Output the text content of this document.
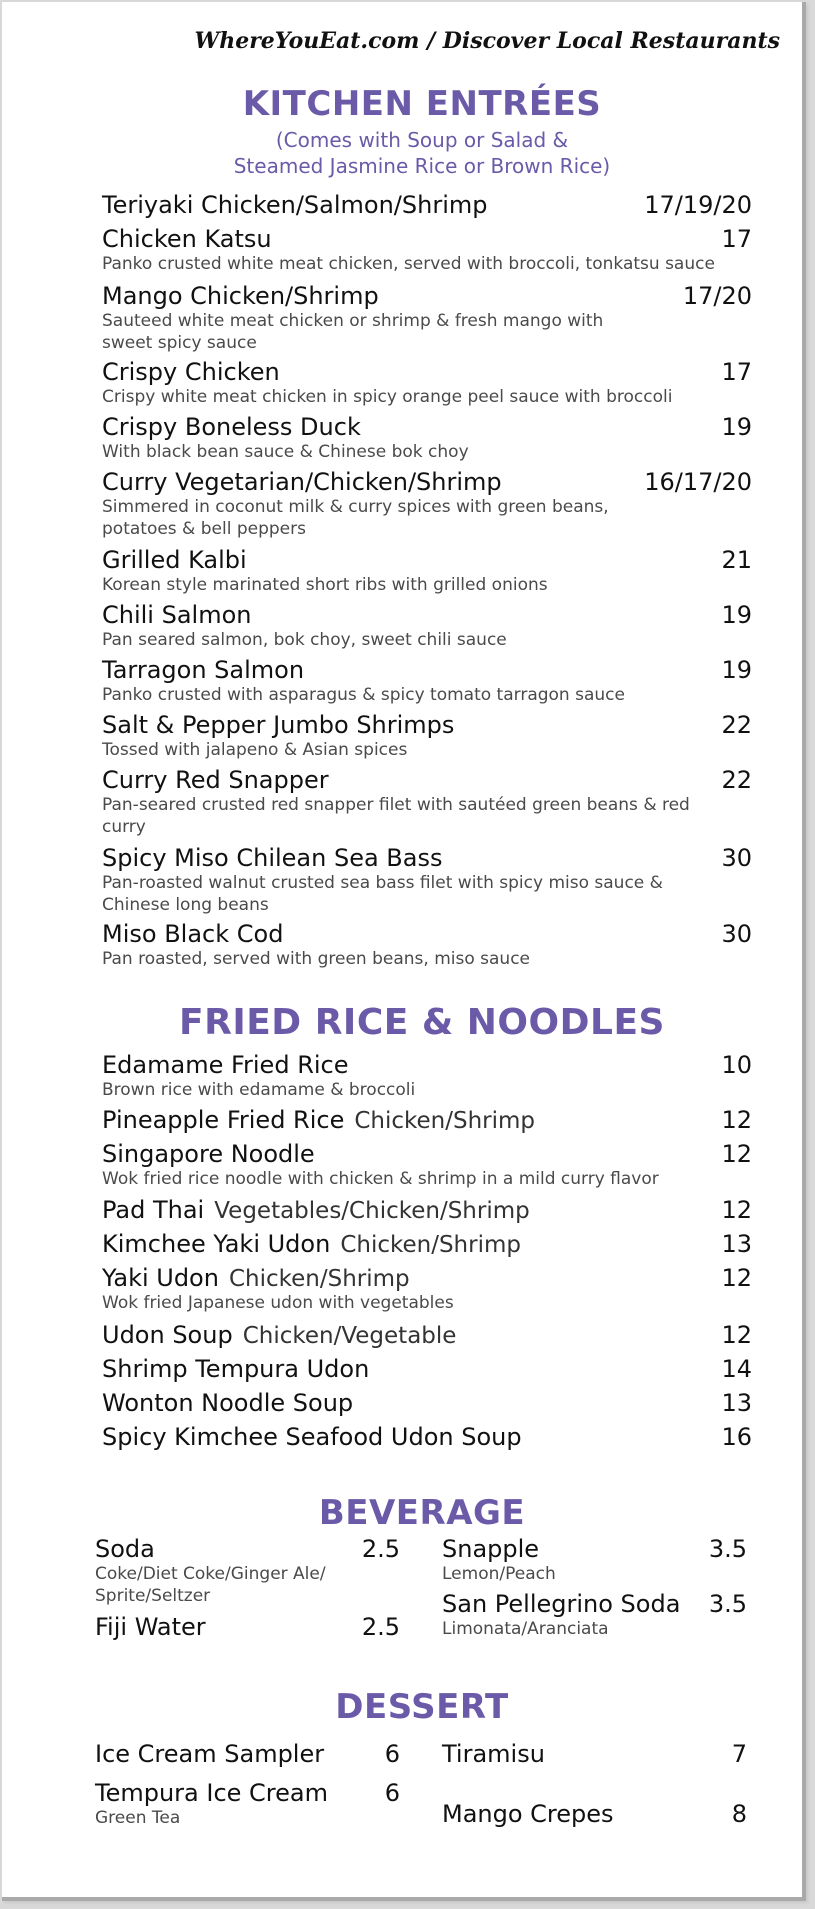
WhereYouEat.com / Discover Local Restaurants
KITCHEN ENTRÉES
(Comes with Soup or Salad &
Steamed Jasmine Rice or Brown Rice)
Teriyaki Chicken/Salmon/Shrimp	17/19/20
Chicken Katsu	17
Panko crusted white meat chicken, served with broccoli, tonkatsu sauce
Mango Chicken/Shrimp	17/20
Sauteed white meat chicken or shrimp & fresh mango with sweet spicy sauce
Crispy Chicken	17
Crispy white meat chicken in spicy orange peel sauce with broccoli
Crispy Boneless Duck	19
With black bean sauce & Chinese bok choy
Curry Vegetarian/Chicken/Shrimp	16/17/20
Simmered in coconut milk & curry spices with green beans, potatoes & bell peppers
Grilled Kalbi	21
Korean style marinated short ribs with grilled onions
Chili Salmon	19
Pan seared salmon, bok choy, sweet chili sauce
Tarragon Salmon	19
Panko crusted with asparagus & spicy tomato tarragon sauce
Salt & Pepper Jumbo Shrimps	22
Tossed with jalapeno & Asian spices
Curry Red Snapper	22
Pan-seared crusted red snapper filet with sautéed green beans & red curry
Spicy Miso Chilean Sea Bass	30
Pan-roasted walnut crusted sea bass filet with spicy miso sauce & Chinese long beans
Miso Black Cod	30
Pan roasted, served with green beans, miso sauce
FRIED RICE & NOODLES
Edamame Fried Rice	10
Brown rice with edamame & broccoli
Pineapple Fried Rice Chicken/Shrimp	12
Singapore Noodle	12
Wok fried rice noodle with chicken & shrimp in a mild curry flavor
Pad Thai Vegetables/Chicken/Shrimp	12
Kimchee Yaki Udon Chicken/Shrimp	13
Yaki Udon Chicken/Shrimp	12
Wok fried Japanese udon with vegetables
Udon Soup Chicken/Vegetable	12
Shrimp Tempura Udon	14
Wonton Noodle Soup	13
Spicy Kimchee Seafood Udon Soup	16
BEVERAGE
Soda	2.5
Coke/Diet Coke/Ginger Ale/ Sprite/Seltzer
Fiji Water	2.5
Snapple	3.5
Lemon/Peach
San Pellegrino Soda 3.5
Limonata/Aranciata
DESSERT
Ice Cream Sampler	6
Tempura Ice Cream 6
Green Tea
Tiramisu	7
Mango Crepes	8
